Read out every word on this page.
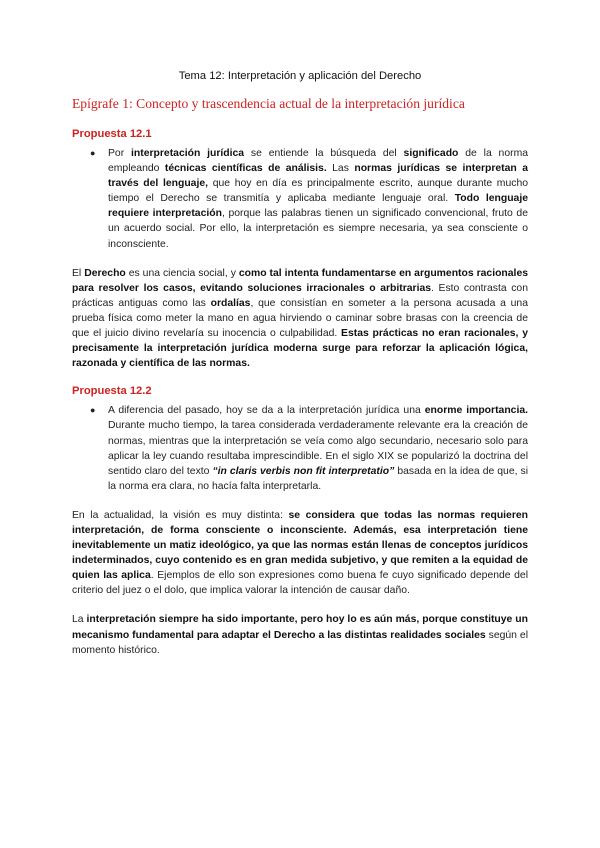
Tema 12: Interpretación y aplicación del Derecho
Epígrafe 1: Concepto y trascendencia actual de la interpretación jurídica
Propuesta 12.1
● Por interpretación jurídica se entiende la búsqueda del significado de la norma empleando técnicas científicas de análisis. Las normas jurídicas se interpretan a través del lenguaje, que hoy en día es principalmente escrito, aunque durante mucho tiempo el Derecho se transmitía y aplicaba mediante lenguaje oral. Todo lenguaje requiere interpretación, porque las palabras tienen un significado convencional, fruto de un acuerdo social. Por ello, la interpretación es siempre necesaria, ya sea consciente o inconsciente.

El Derecho es una ciencia social, y como tal intenta fundamentarse en argumentos racionales para resolver los casos, evitando soluciones irracionales o arbitrarias. Esto contrasta con prácticas antiguas como las ordalías, que consistían en someter a la persona acusada a una prueba física como meter la mano en agua hirviendo o caminar sobre brasas con la creencia de que el juicio divino revelaría su inocencia o culpabilidad. Estas prácticas no eran racionales, y precisamente la interpretación jurídica moderna surge para reforzar la aplicación lógica, razonada y científica de las normas.

Propuesta 12.2
● A diferencia del pasado, hoy se da a la interpretación jurídica una enorme importancia. Durante mucho tiempo, la tarea considerada verdaderamente relevante era la creación de normas, mientras que la interpretación se veía como algo secundario, necesario solo para aplicar la ley cuando resultaba imprescindible. En el siglo XIX se popularizó la doctrina del sentido claro del texto “in claris verbis non fit interpretatio” basada en la idea de que, si la norma era clara, no hacía falta interpretarla.

En la actualidad, la visión es muy distinta: se considera que todas las normas requieren interpretación, de forma consciente o inconsciente. Además, esa interpretación tiene inevitablemente un matiz ideológico, ya que las normas están llenas de conceptos jurídicos indeterminados, cuyo contenido es en gran medida subjetivo, y que remiten a la equidad de quien las aplica. Ejemplos de ello son expresiones como buena fe cuyo significado depende del criterio del juez o el dolo, que implica valorar la intención de causar daño.

La interpretación siempre ha sido importante, pero hoy lo es aún más, porque constituye un mecanismo fundamental para adaptar el Derecho a las distintas realidades sociales según el momento histórico.
